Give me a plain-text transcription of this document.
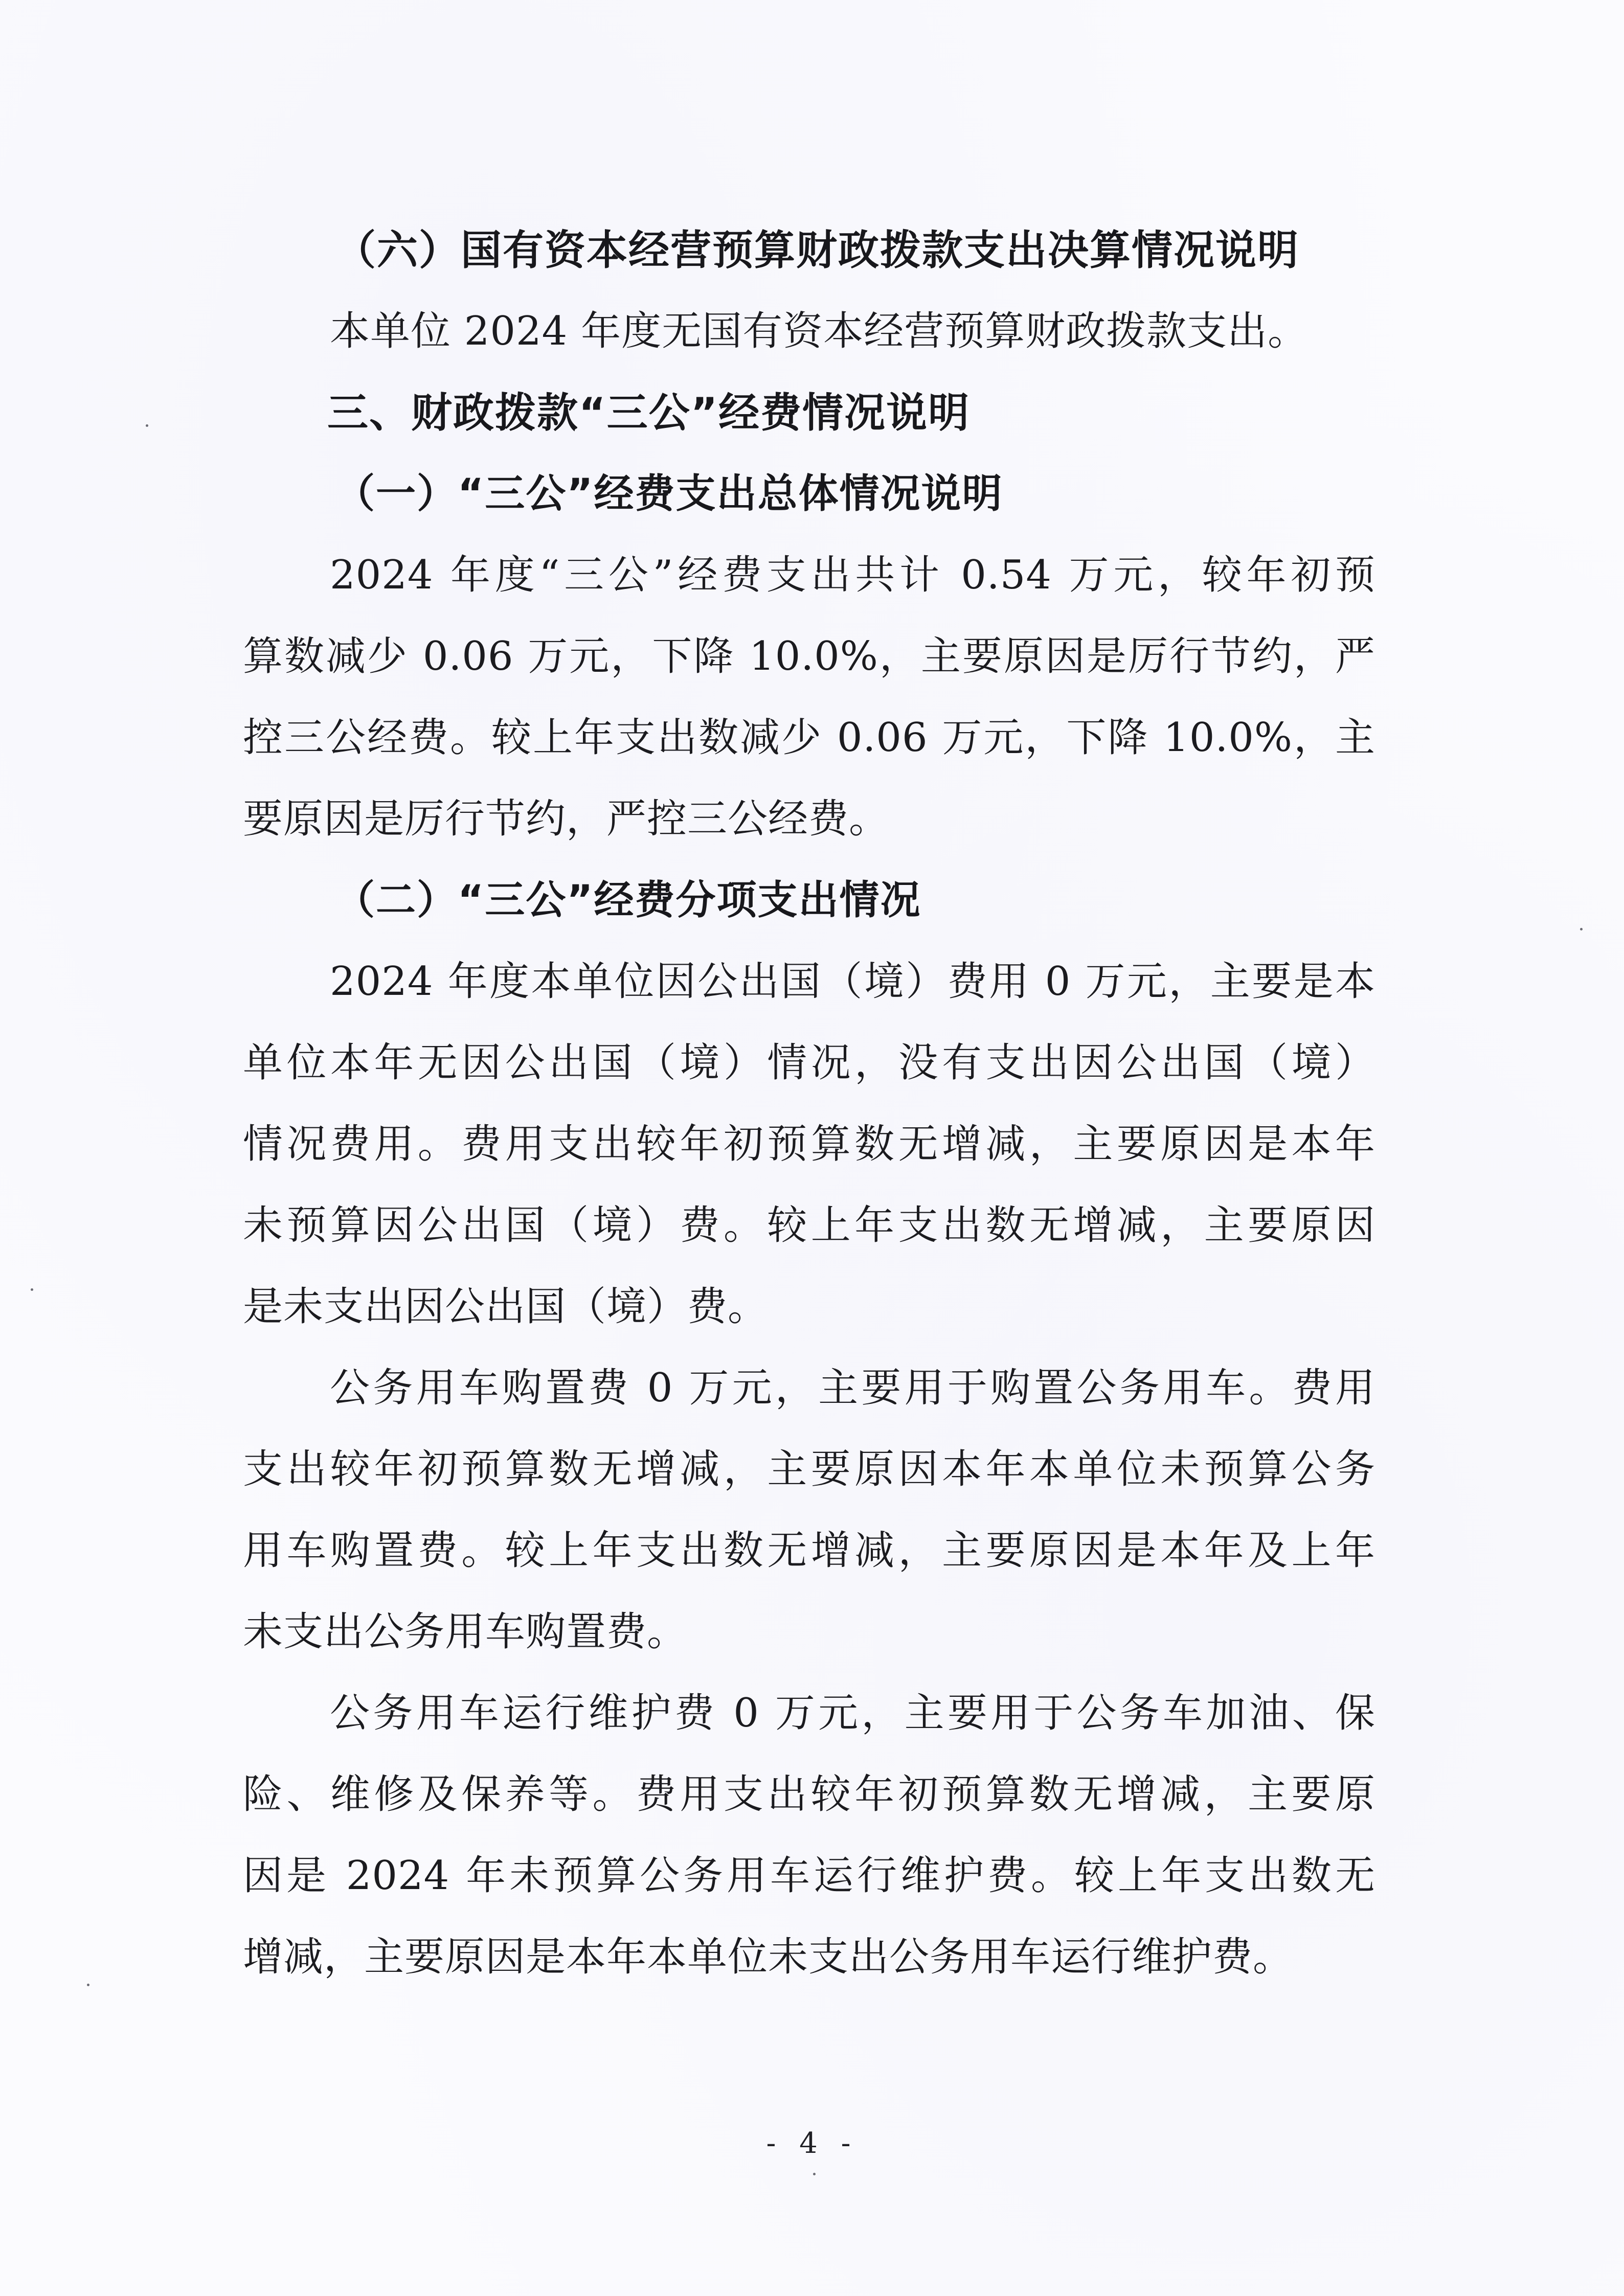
（六）国有资本经营预算财政拨款支出决算情况说明
本单位 2024 年度无国有资本经营预算财政拨款支出。
三、财政拨款“三公”经费情况说明
（一）“三公”经费支出总体情况说明
2024 年度“三公”经费支出共计 0.54 万元，较年初预
算数减少 0.06 万元，下降 10.0%，主要原因是厉行节约，严
控三公经费。较上年支出数减少 0.06 万元，下降 10.0%，主
要原因是厉行节约，严控三公经费。
（二）“三公”经费分项支出情况
2024 年度本单位因公出国（境）费用 0 万元，主要是本
单位本年无因公出国（境）情况，没有支出因公出国（境）
情况费用。费用支出较年初预算数无增减，主要原因是本年
未预算因公出国（境）费。较上年支出数无增减，主要原因
是未支出因公出国（境）费。
公务用车购置费 0 万元，主要用于购置公务用车。费用
支出较年初预算数无增减，主要原因本年本单位未预算公务
用车购置费。较上年支出数无增减，主要原因是本年及上年
未支出公务用车购置费。
公务用车运行维护费 0 万元，主要用于公务车加油、保
险、维修及保养等。费用支出较年初预算数无增减，主要原
因是 2024 年未预算公务用车运行维护费。较上年支出数无
增减，主要原因是本年本单位未支出公务用车运行维护费。
- 4 -
